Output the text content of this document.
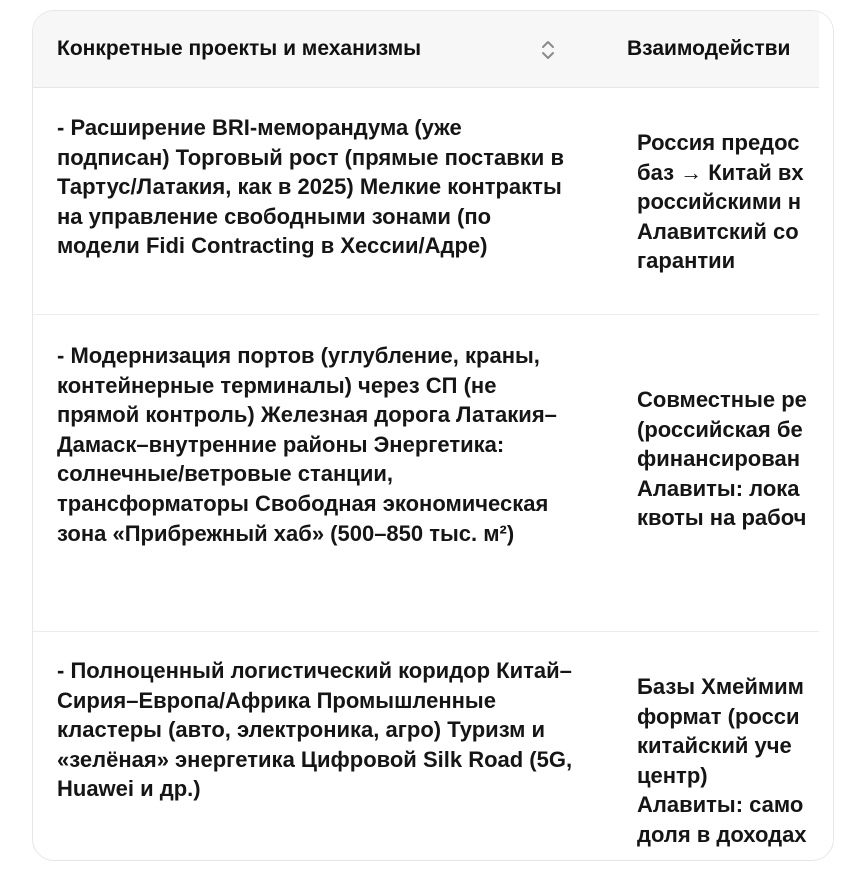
Конкретные проекты и механизмы	Взаимодействи
- Расширение BRI-меморандума (уже подписан) Торговый рост (прямые поставки в Тартус/Латакия, как в 2025) Мелкие контракты на управление свободными зонами (по модели Fidi Contracting в Хессии/Адре)
Россия предос
баз → Китай вх
российскими н
Алавитский со
гарантии
- Модернизация портов (углубление, краны, контейнерные терминалы) через СП (не прямой контроль) Железная дорога Латакия–Дамаск–внутренние районы Энергетика: солнечные/ветровые станции, трансформаторы Свободная экономическая зона «Прибрежный хаб» (500–850 тыс. м²)
Совместные ре
(российская бе
финансирован
Алавиты: лока
квоты на рабоч
- Полноценный логистический коридор Китай–Сирия–Европа/Африка Промышленные кластеры (авто, электроника, агро) Туризм и «зелёная» энергетика Цифровой Silk Road (5G, Huawei и др.)
Базы Хмеймим
формат (росси
китайский уче
центр)
Алавиты: само
доля в доходах
